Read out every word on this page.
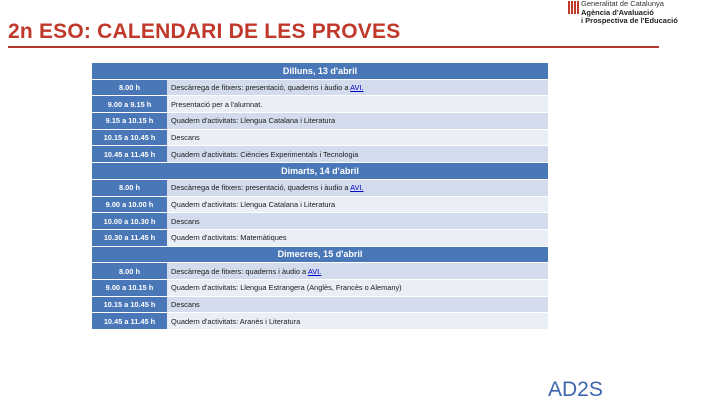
2n ESO: CALENDARI DE LES PROVES
Generalitat de Catalunya
Agència d'Avaluació
i Prospectiva de l'Educació
Dilluns, 13 d'abril	
8.00 h	Descàrrega de fitxers: presentació, quaderns i àudio a AVI.
9.00 a 9.15 h	Presentació per a l'alumnat.
9.15 a 10.15 h	Quadern d'activitats: Llengua Catalana i Literatura
10.15 a 10.45 h	Descans
10.45 a 11.45 h	Quadern d'activitats: Ciències Experimentals i Tecnologia
Dimarts, 14 d'abril	
8.00 h	Descàrrega de fitxers: presentació, quaderns i àudio a AVI.
9.00 a 10.00 h	Quadern d'activitats: Llengua Catalana i Literatura
10.00 a 10.30 h	Descans
10.30 a 11.45 h	Quadern d'activitats: Matemàtiques
Dimecres, 15 d'abril	
8.00 h	Descàrrega de fitxers: quaderns i àudio a AVI.
9.00 a 10.15 h	Quadern d'activitats: Llengua Estrangera (Anglès, Francès o Alemany)
10.15 a 10.45 h	Descans
10.45 a 11.45 h	Quadern d'activitats: Aranès i Literatura
AD2S
